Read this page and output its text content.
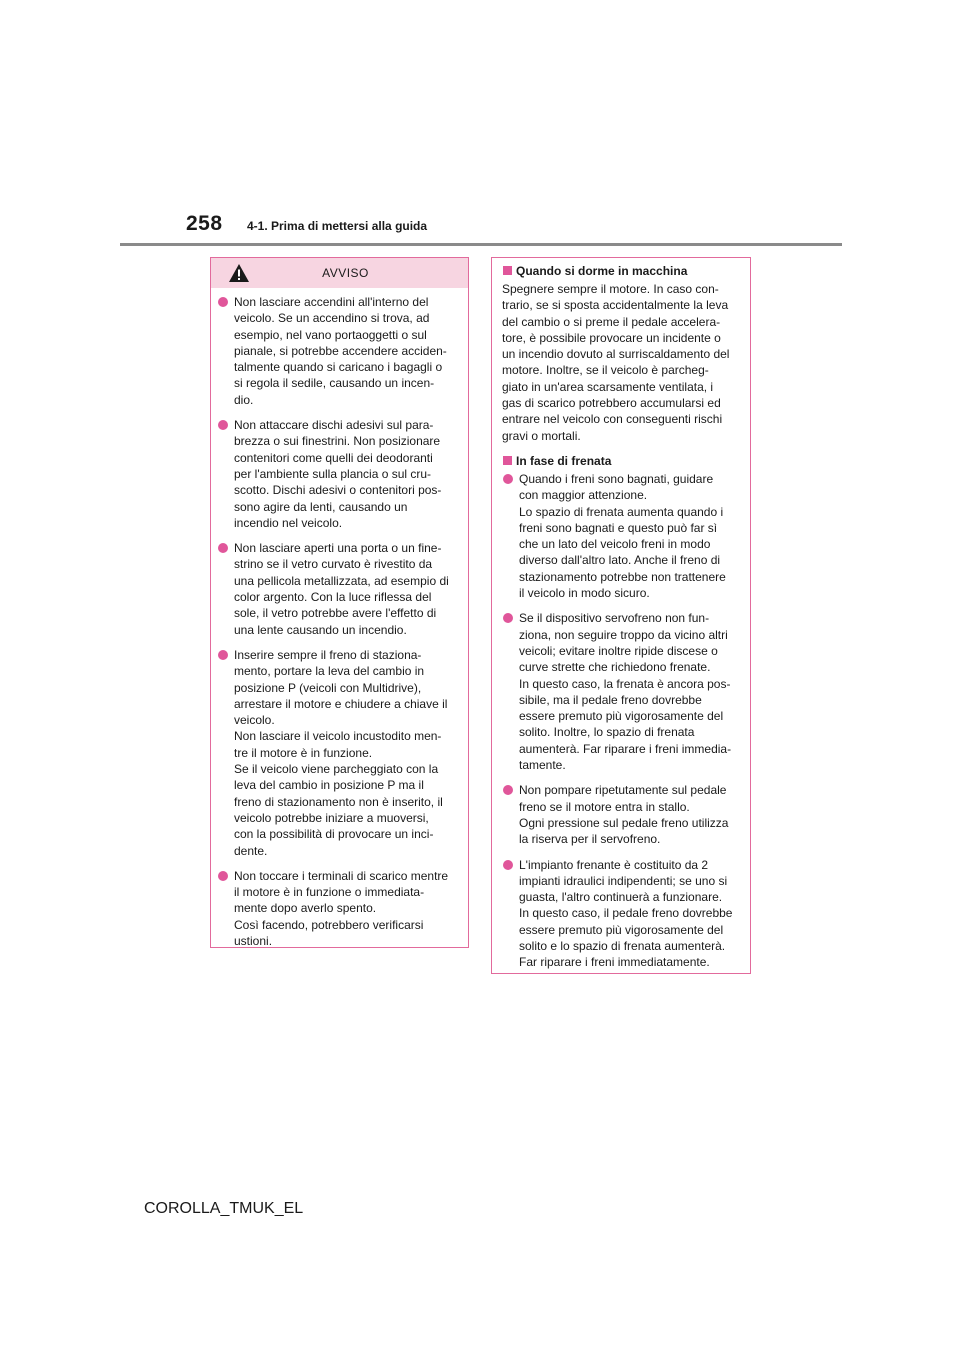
258 4-1. Prima di mettersi alla guida
AVVISO
Non lasciare accendini all'interno del
veicolo. Se un accendino si trova, ad
esempio, nel vano portaoggetti o sul
pianale, si potrebbe accendere acciden-
talmente quando si caricano i bagagli o
si regola il sedile, causando un incen-
dio.
Non attaccare dischi adesivi sul para-
brezza o sui finestrini. Non posizionare
contenitori come quelli dei deodoranti
per l'ambiente sulla plancia o sul cru-
scotto. Dischi adesivi o contenitori pos-
sono agire da lenti, causando un
incendio nel veicolo.
Non lasciare aperti una porta o un fine-
strino se il vetro curvato è rivestito da
una pellicola metallizzata, ad esempio di
color argento. Con la luce riflessa del
sole, il vetro potrebbe avere l'effetto di
una lente causando un incendio.
Inserire sempre il freno di staziona-
mento, portare la leva del cambio in
posizione P (veicoli con Multidrive),
arrestare il motore e chiudere a chiave il
veicolo.
Non lasciare il veicolo incustodito men-
tre il motore è in funzione.
Se il veicolo viene parcheggiato con la
leva del cambio in posizione P ma il
freno di stazionamento non è inserito, il
veicolo potrebbe iniziare a muoversi,
con la possibilità di provocare un inci-
dente.
Non toccare i terminali di scarico mentre
il motore è in funzione o immediata-
mente dopo averlo spento.
Così facendo, potrebbero verificarsi
ustioni.
Quando si dorme in macchina
Spegnere sempre il motore. In caso con-
trario, se si sposta accidentalmente la leva
del cambio o si preme il pedale accelera-
tore, è possibile provocare un incidente o
un incendio dovuto al surriscaldamento del
motore. Inoltre, se il veicolo è parcheg-
giato in un'area scarsamente ventilata, i
gas di scarico potrebbero accumularsi ed
entrare nel veicolo con conseguenti rischi
gravi o mortali.
In fase di frenata
Quando i freni sono bagnati, guidare
con maggior attenzione.
Lo spazio di frenata aumenta quando i
freni sono bagnati e questo può far sì
che un lato del veicolo freni in modo
diverso dall'altro lato. Anche il freno di
stazionamento potrebbe non trattenere
il veicolo in modo sicuro.
Se il dispositivo servofreno non fun-
ziona, non seguire troppo da vicino altri
veicoli; evitare inoltre ripide discese o
curve strette che richiedono frenate.
In questo caso, la frenata è ancora pos-
sibile, ma il pedale freno dovrebbe
essere premuto più vigorosamente del
solito. Inoltre, lo spazio di frenata
aumenterà. Far riparare i freni immedia-
tamente.
Non pompare ripetutamente sul pedale
freno se il motore entra in stallo.
Ogni pressione sul pedale freno utilizza
la riserva per il servofreno.
L'impianto frenante è costituito da 2
impianti idraulici indipendenti; se uno si
guasta, l'altro continuerà a funzionare.
In questo caso, il pedale freno dovrebbe
essere premuto più vigorosamente del
solito e lo spazio di frenata aumenterà.
Far riparare i freni immediatamente.
COROLLA_TMUK_EL
